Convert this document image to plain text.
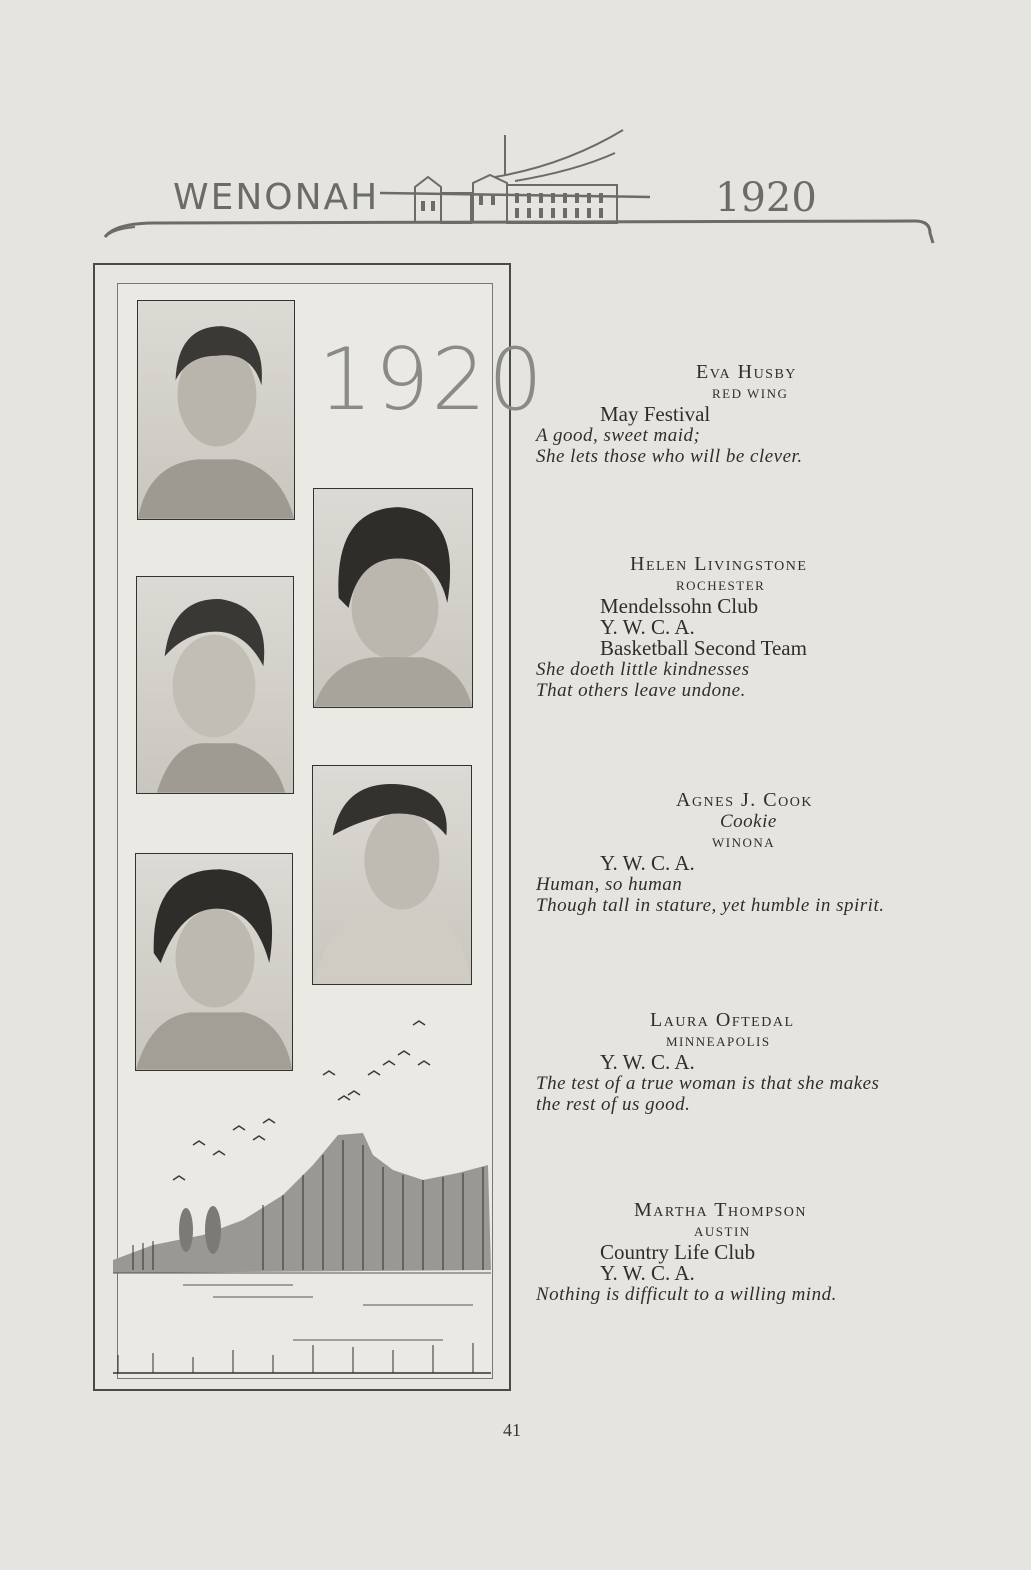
WENONAH	1920
1920	Eva Husby
RED WING
May Festival
A good, sweet maid;
She lets those who will be clever.
Helen Livingstone
ROCHESTER
Mendelssohn Club
Y. W. C. A.
Basketball Second Team
She doeth little kindnesses
That others leave undone.
Agnes J. Cook
Cookie
WINONA
Y. W. C. A.
Human, so human
Though tall in stature, yet humble in spirit.
Laura Oftedal
MINNEAPOLIS
Y. W. C. A.
The test of a true woman is that she makes
the rest of us good.
Martha Thompson
AUSTIN
Country Life Club
Y. W. C. A.
Nothing is difficult to a willing mind.
41
